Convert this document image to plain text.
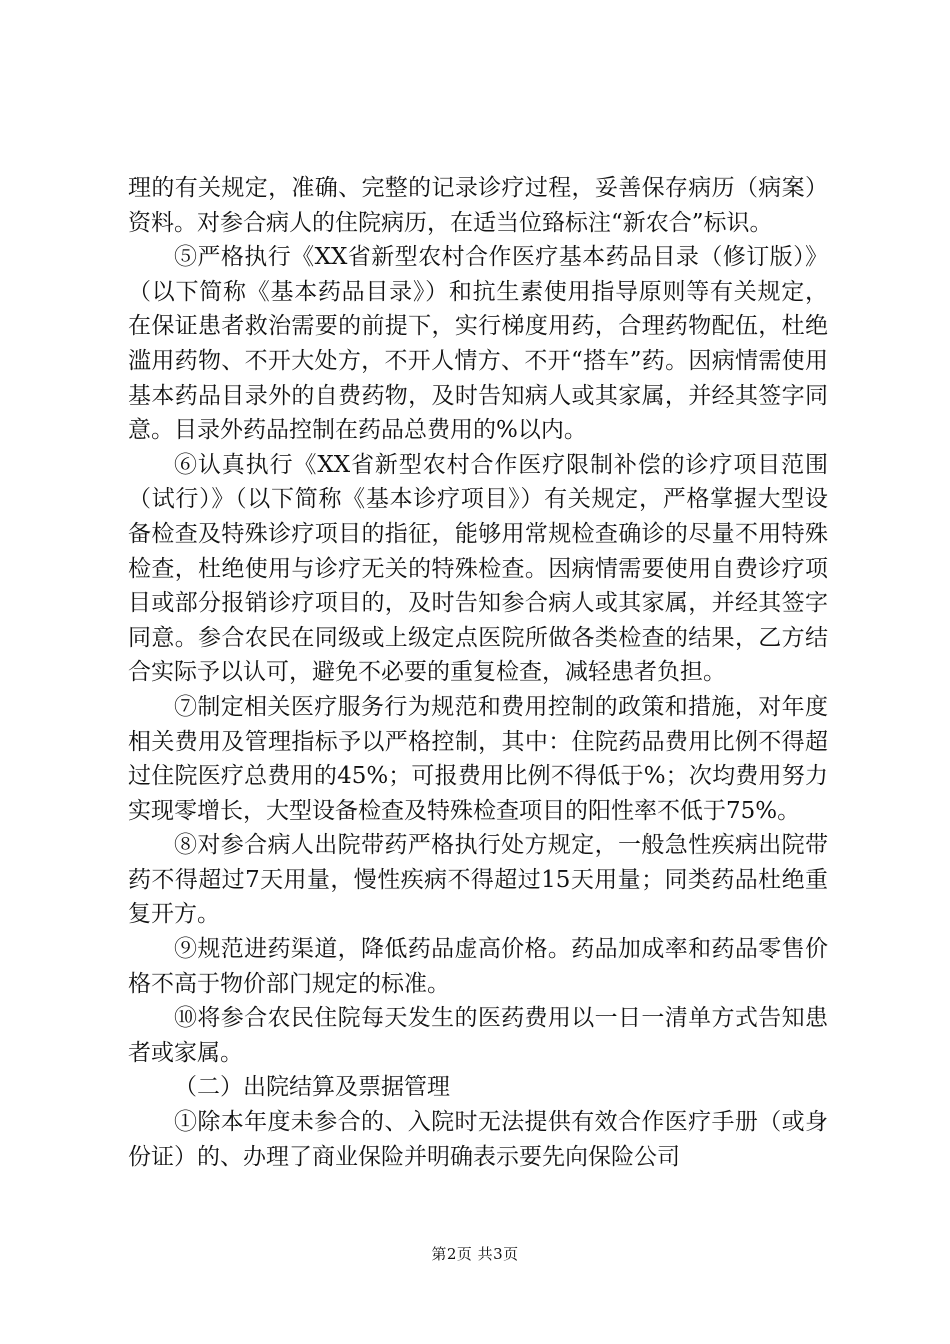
理的有关规定，准确、完整的记录诊疗过程，妥善保存病历（病案）资料。对参合病人的住院病历，在适当位臵标注“新农合”标识。

⑤严格执行《XX省新型农村合作医疗基本药品目录（修订版）》（以下简称《基本药品目录》）和抗生素使用指导原则等有关规定，在保证患者救治需要的前提下，实行梯度用药，合理药物配伍，杜绝滥用药物、不开大处方，不开人情方、不开“搭车”药。因病情需使用基本药品目录外的自费药物，及时告知病人或其家属，并经其签字同意。目录外药品控制在药品总费用的%以内。

⑥认真执行《XX省新型农村合作医疗限制补偿的诊疗项目范围（试行）》（以下简称《基本诊疗项目》）有关规定，严格掌握大型设备检查及特殊诊疗项目的指征，能够用常规检查确诊的尽量不用特殊检查，杜绝使用与诊疗无关的特殊检查。因病情需要使用自费诊疗项目或部分报销诊疗项目的，及时告知参合病人或其家属，并经其签字同意。参合农民在同级或上级定点医院所做各类检查的结果，乙方结合实际予以认可，避免不必要的重复检查，减轻患者负担。

⑦制定相关医疗服务行为规范和费用控制的政策和措施，对年度相关费用及管理指标予以严格控制，其中：住院药品费用比例不得超过住院医疗总费用的45%；可报费用比例不得低于%；次均费用努力实现零增长，大型设备检查及特殊检查项目的阳性率不低于75%。

⑧对参合病人出院带药严格执行处方规定，一般急性疾病出院带药不得超过7天用量，慢性疾病不得超过15天用量；同类药品杜绝重复开方。

⑨规范进药渠道，降低药品虚高价格。药品加成率和药品零售价格不高于物价部门规定的标准。

⑩将参合农民住院每天发生的医药费用以一日一清单方式告知患者或家属。

（二）出院结算及票据管理

①除本年度未参合的、入院时无法提供有效合作医疗手册（或身份证）的、办理了商业保险并明确表示要先向保险公司

第2页 共3页
